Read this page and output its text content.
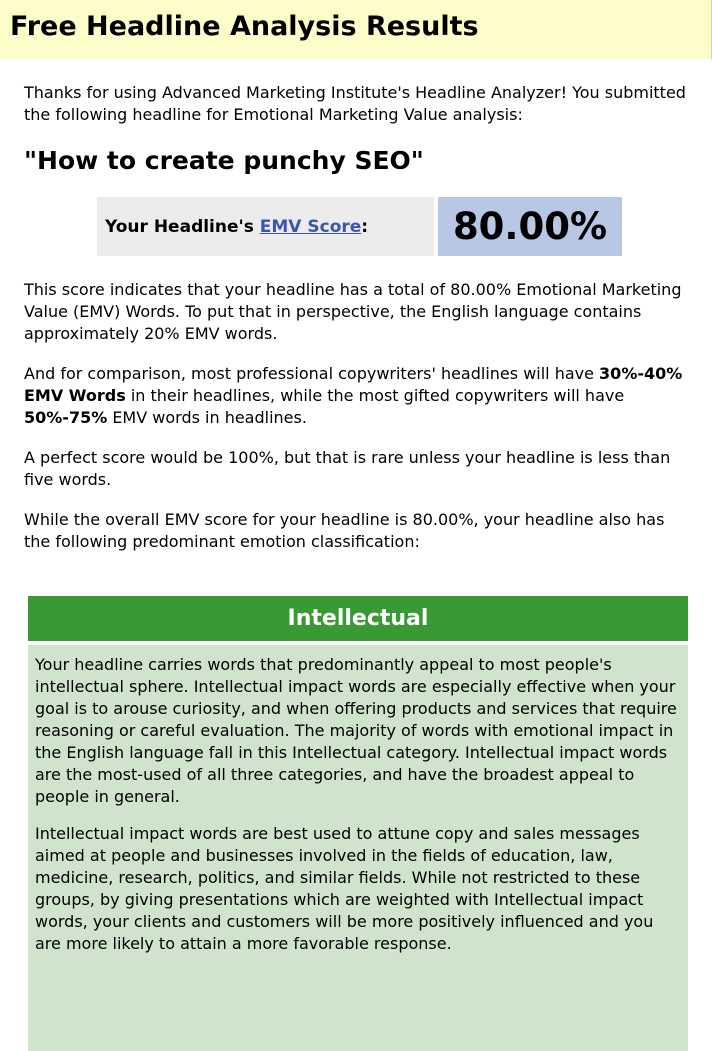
Free Headline Analysis Results

Thanks for using Advanced Marketing Institute's Headline Analyzer! You submitted the following headline for Emotional Marketing Value analysis:

"How to create punchy SEO"
Your Headline's EMV Score :	80.00%

This score indicates that your headline has a total of 80.00% Emotional Marketing Value (EMV) Words. To put that in perspective, the English language contains approximately 20% EMV words.

And for comparison, most professional copywriters' headlines will have 30%-40% EMV Words in their headlines, while the most gifted copywriters will have 50%-75% EMV words in headlines.

A perfect score would be 100%, but that is rare unless your headline is less than five words.

While the overall EMV score for your headline is 80.00%, your headline also has the following predominant emotion classification:

Intellectual

Your headline carries words that predominantly appeal to most people's intellectual sphere. Intellectual impact words are especially effective when your goal is to arouse curiosity, and when offering products and services that require reasoning or careful evaluation. The majority of words with emotional impact in the English language fall in this Intellectual category. Intellectual impact words are the most-used of all three categories, and have the broadest appeal to people in general.

Intellectual impact words are best used to attune copy and sales messages aimed at people and businesses involved in the fields of education, law, medicine, research, politics, and similar fields. While not restricted to these groups, by giving presentations which are weighted with Intellectual impact words, your clients and customers will be more positively influenced and you are more likely to attain a more favorable response.
